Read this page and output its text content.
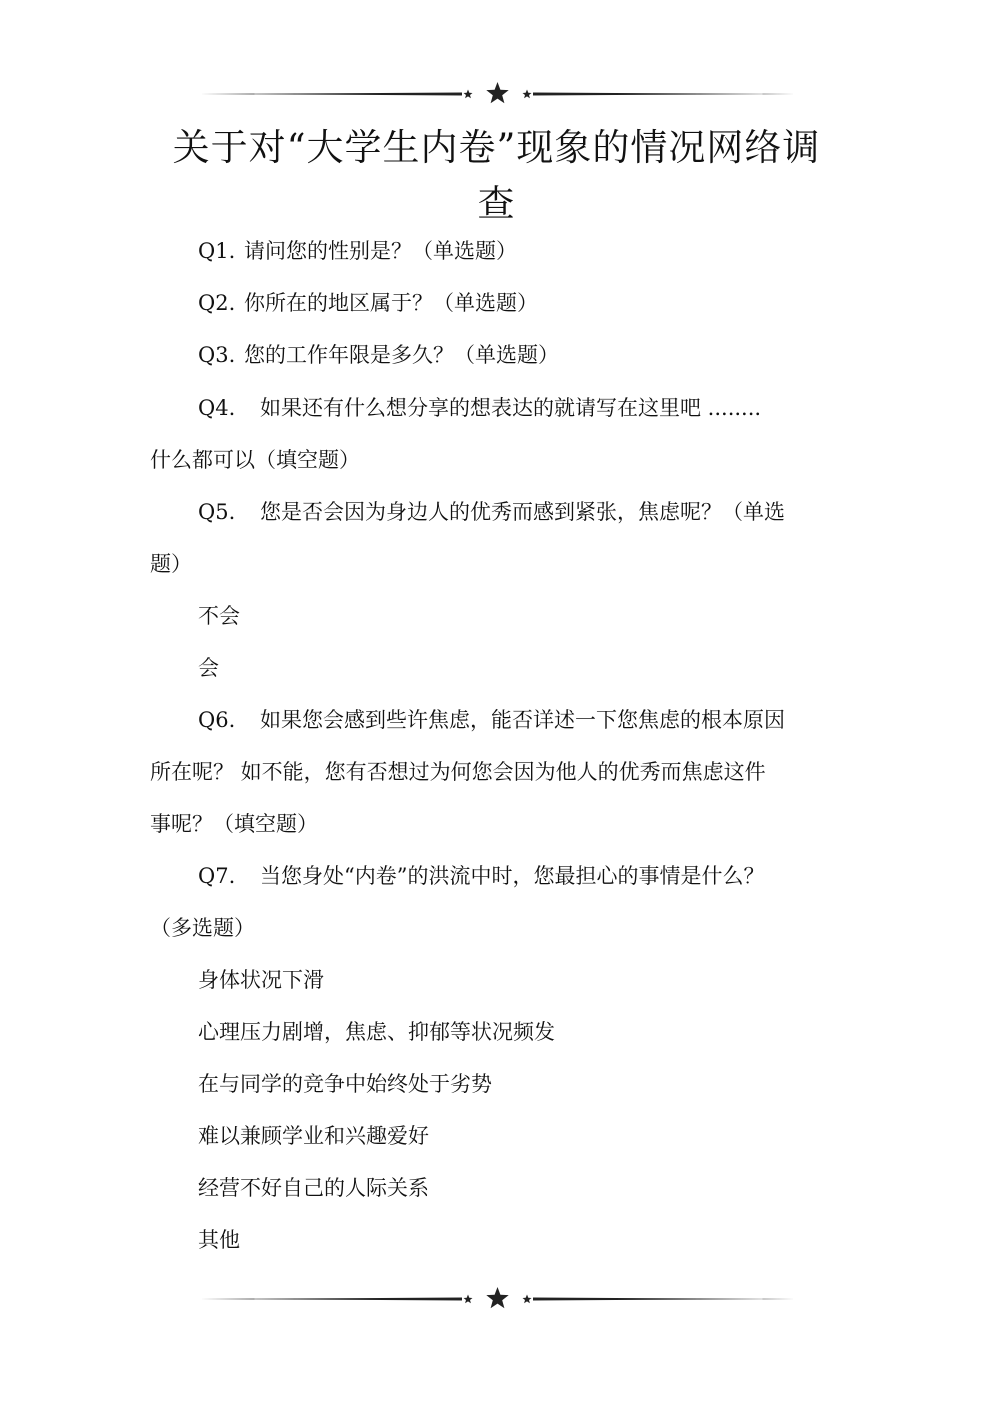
关于对“大学生内卷”现象的情况网络调
查

Q1. 请问您的性别是？（单选题）

Q2. 你所在的地区属于？（单选题）

Q3. 您的工作年限是多久？（单选题）

Q4. 如果还有什么想分享的想表达的就请写在这里吧 ........

什么都可以（填空题）

Q5. 您是否会因为身边人的优秀而感到紧张，焦虑呢？（单选

题）

不会

会

Q6. 如果您会感到些许焦虑，能否详述一下您焦虑的根本原因

所在呢？ 如不能，您有否想过为何您会因为他人的优秀而焦虑这件

事呢？（填空题）

Q7. 当您身处“内卷”的洪流中时，您最担心的事情是什么？

（多选题）

身体状况下滑

心理压力剧增，焦虑、抑郁等状况频发

在与同学的竞争中始终处于劣势

难以兼顾学业和兴趣爱好

经营不好自己的人际关系

其他
